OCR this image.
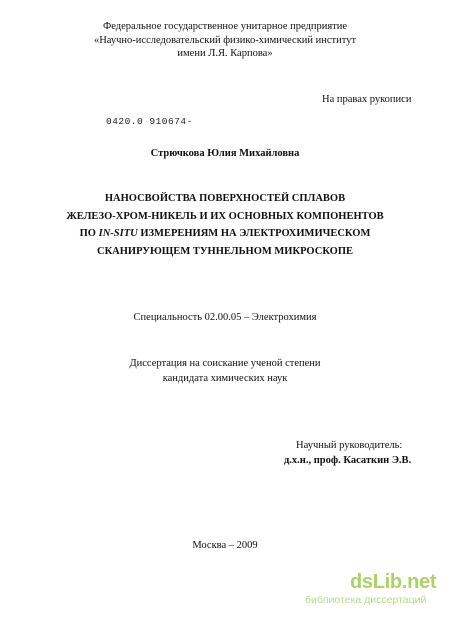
Федеральное государственное унитарное предприятие
«Научно-исследовательский физико-химический институт
имени Л.Я. Карпова»
На правах рукописи
0420.0 910674-
Стрючкова Юлия Михайловна
НАНОСВОЙСТВА ПОВЕРХНОСТЕЙ СПЛАВОВ
ЖЕЛЕЗО-ХРОМ-НИКЕЛЬ И ИХ ОСНОВНЫХ КОМПОНЕНТОВ
ПО IN-SITU ИЗМЕРЕНИЯМ НА ЭЛЕКТРОХИМИЧЕСКОМ
СКАНИРУЮЩЕМ ТУННЕЛЬНОМ МИКРОСКОПЕ
Специальность 02.00.05 – Электрохимия
Диссертация на соискание ученой степени
кандидата химических наук
Научный руководитель:
д.х.н., проф. Касаткин Э.В.
Москва – 2009
dsLib.net
библиотека диссертаций
